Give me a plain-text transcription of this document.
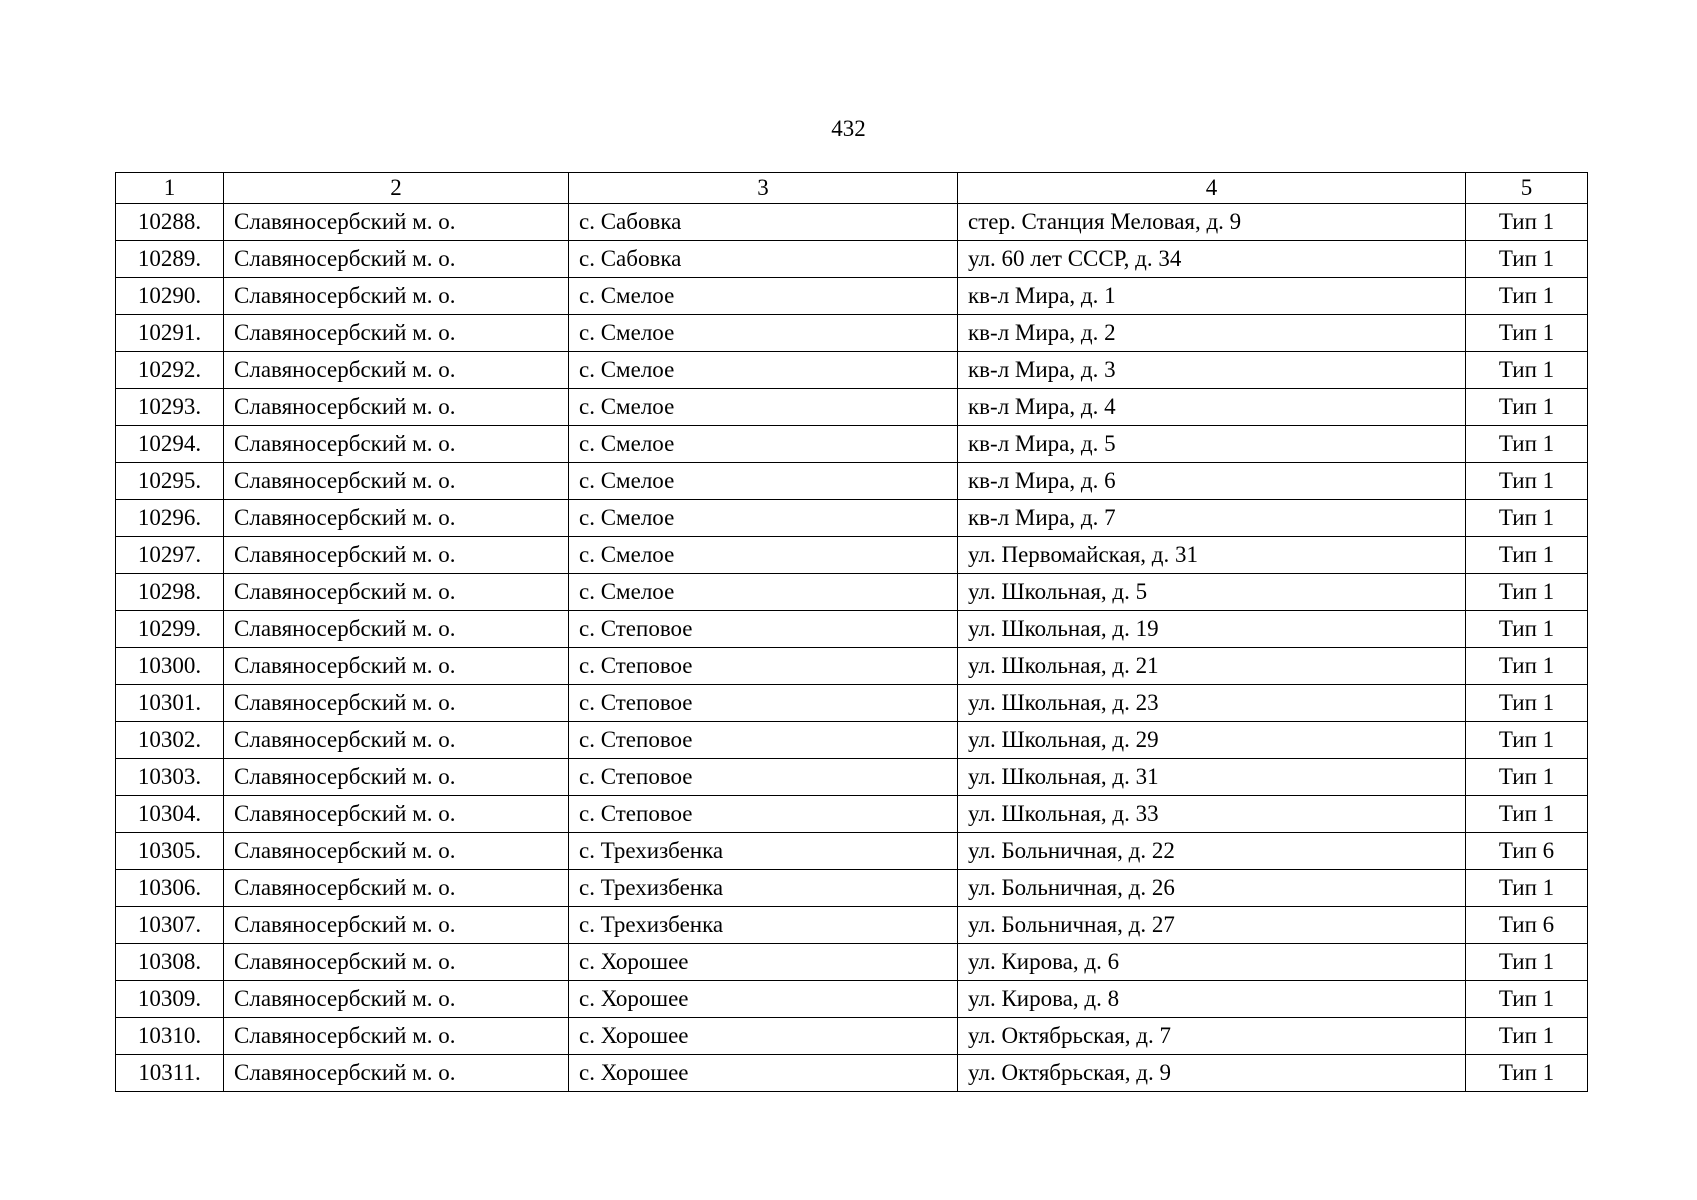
432
1	2	3	4	5
10288.	Славяносербский м. о.	с. Сабовка	стер. Станция Меловая, д. 9	Тип 1
10289.	Славяносербский м. о.	с. Сабовка	ул. 60 лет СССР, д. 34	Тип 1
10290.	Славяносербский м. о.	с. Смелое	кв-л Мира, д. 1	Тип 1
10291.	Славяносербский м. о.	с. Смелое	кв-л Мира, д. 2	Тип 1
10292.	Славяносербский м. о.	с. Смелое	кв-л Мира, д. 3	Тип 1
10293.	Славяносербский м. о.	с. Смелое	кв-л Мира, д. 4	Тип 1
10294.	Славяносербский м. о.	с. Смелое	кв-л Мира, д. 5	Тип 1
10295.	Славяносербский м. о.	с. Смелое	кв-л Мира, д. 6	Тип 1
10296.	Славяносербский м. о.	с. Смелое	кв-л Мира, д. 7	Тип 1
10297.	Славяносербский м. о.	с. Смелое	ул. Первомайская, д. 31	Тип 1
10298.	Славяносербский м. о.	с. Смелое	ул. Школьная, д. 5	Тип 1
10299.	Славяносербский м. о.	с. Степовое	ул. Школьная, д. 19	Тип 1
10300.	Славяносербский м. о.	с. Степовое	ул. Школьная, д. 21	Тип 1
10301.	Славяносербский м. о.	с. Степовое	ул. Школьная, д. 23	Тип 1
10302.	Славяносербский м. о.	с. Степовое	ул. Школьная, д. 29	Тип 1
10303.	Славяносербский м. о.	с. Степовое	ул. Школьная, д. 31	Тип 1
10304.	Славяносербский м. о.	с. Степовое	ул. Школьная, д. 33	Тип 1
10305.	Славяносербский м. о.	с. Трехизбенка	ул. Больничная, д. 22	Тип 6
10306.	Славяносербский м. о.	с. Трехизбенка	ул. Больничная, д. 26	Тип 1
10307.	Славяносербский м. о.	с. Трехизбенка	ул. Больничная, д. 27	Тип 6
10308.	Славяносербский м. о.	с. Хорошее	ул. Кирова, д. 6	Тип 1
10309.	Славяносербский м. о.	с. Хорошее	ул. Кирова, д. 8	Тип 1
10310.	Славяносербский м. о.	с. Хорошее	ул. Октябрьская, д. 7	Тип 1
10311.	Славяносербский м. о.	с. Хорошее	ул. Октябрьская, д. 9	Тип 1
